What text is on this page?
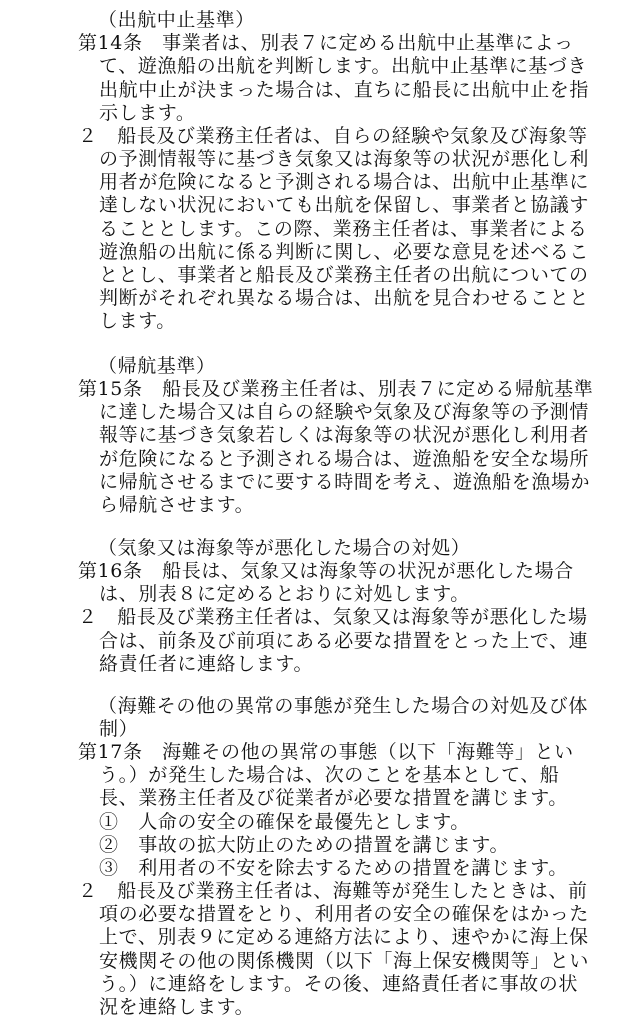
（出航中止基準）
第14条　事業者は、別表７に定める出航中止基準によっ
て、遊漁船の出航を判断します。出航中止基準に基づき
出航中止が決まった場合は、直ちに船長に出航中止を指
示します。
２　船長及び業務主任者は、自らの経験や気象及び海象等
の予測情報等に基づき気象又は海象等の状況が悪化し利
用者が危険になると予測される場合は、出航中止基準に
達しない状況においても出航を保留し、事業者と協議す
ることとします。この際、業務主任者は、事業者による
遊漁船の出航に係る判断に関し、必要な意見を述べるこ
ととし、事業者と船長及び業務主任者の出航についての
判断がそれぞれ異なる場合は、出航を見合わせることと
します。
（帰航基準）
第15条　船長及び業務主任者は、別表７に定める帰航基準
に達した場合又は自らの経験や気象及び海象等の予測情
報等に基づき気象若しくは海象等の状況が悪化し利用者
が危険になると予測される場合は、遊漁船を安全な場所
に帰航させるまでに要する時間を考え、遊漁船を漁場か
ら帰航させます。
（気象又は海象等が悪化した場合の対処）
第16条　船長は、気象又は海象等の状況が悪化した場合
は、別表８に定めるとおりに対処します。
２　船長及び業務主任者は、気象又は海象等が悪化した場
合は、前条及び前項にある必要な措置をとった上で、連
絡責任者に連絡します。
（海難その他の異常の事態が発生した場合の対処及び体
制）
第17条　海難その他の異常の事態（以下「海難等」とい
う。）が発生した場合は、次のことを基本として、船
長、業務主任者及び従業者が必要な措置を講じます。
①　人命の安全の確保を最優先とします。
②　事故の拡大防止のための措置を講じます。
③　利用者の不安を除去するための措置を講じます。
２　船長及び業務主任者は、海難等が発生したときは、前
項の必要な措置をとり、利用者の安全の確保をはかった
上で、別表９に定める連絡方法により、速やかに海上保
安機関その他の関係機関（以下「海上保安機関等」とい
う。）に連絡をします。その後、連絡責任者に事故の状
況を連絡します。
